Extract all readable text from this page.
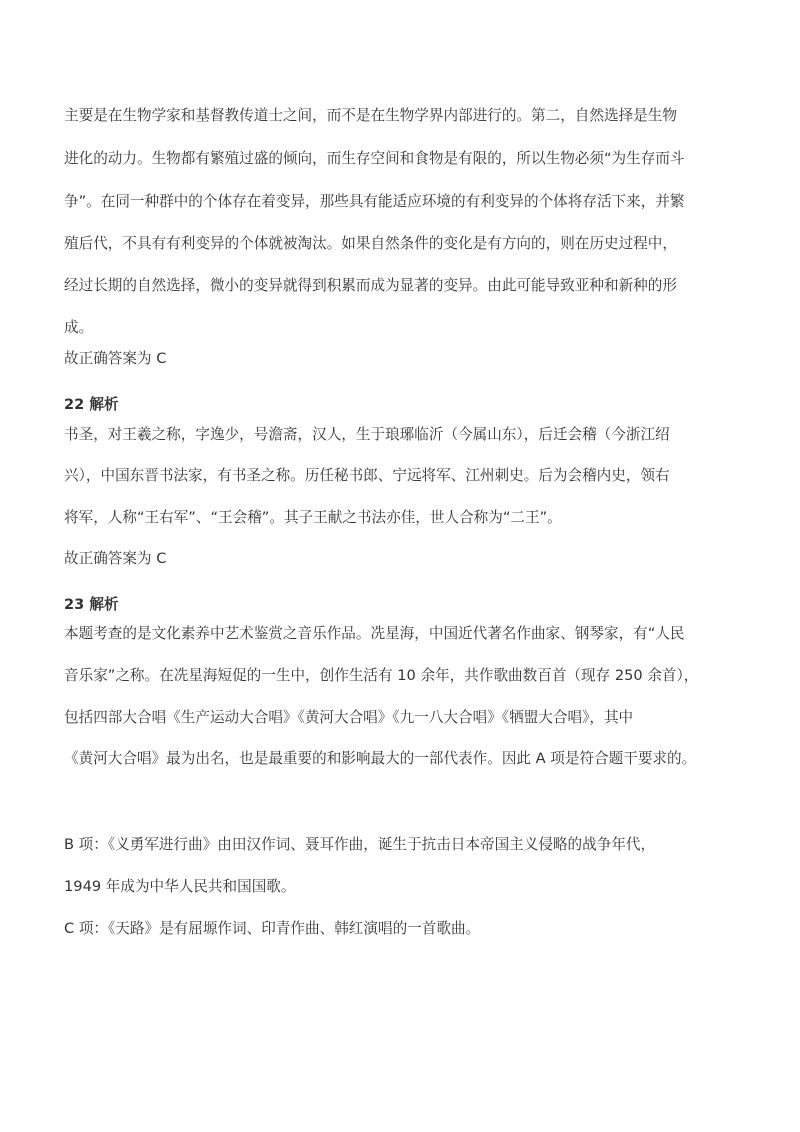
主要是在生物学家和基督教传道士之间，而不是在生物学界内部进行的。第二，自然选择是生物
进化的动力。生物都有繁殖过盛的倾向，而生存空间和食物是有限的，所以生物必须“为生存而斗
争”。在同一种群中的个体存在着变异，那些具有能适应环境的有利变异的个体将存活下来，并繁
殖后代，不具有有利变异的个体就被淘汰。如果自然条件的变化是有方向的，则在历史过程中，
经过长期的自然选择，微小的变异就得到积累而成为显著的变异。由此可能导致亚种和新种的形
成。
故正确答案为 C
22 解析
书圣，对王羲之称，字逸少，号澹斋，汉人，生于琅琊临沂（今属山东），后迁会稽（今浙江绍
兴），中国东晋书法家，有书圣之称。历任秘书郎、宁远将军、江州刺史。后为会稽内史，领右
将军，人称“王右军”、“王会稽”。其子王献之书法亦佳，世人合称为“二王”。
故正确答案为 C
23 解析
本题考查的是文化素养中艺术鉴赏之音乐作品。冼星海，中国近代著名作曲家、钢琴家，有“人民
音乐家”之称。在冼星海短促的一生中，创作生活有 10 余年，共作歌曲数百首（现存 250 余首），
包括四部大合唱《生产运动大合唱》《黄河大合唱》《九一八大合唱》《牺盟大合唱》，其中
《黄河大合唱》最为出名，也是最重要的和影响最大的一部代表作。因此 A 项是符合题干要求的。
B 项：《义勇军进行曲》由田汉作词、聂耳作曲，诞生于抗击日本帝国主义侵略的战争年代，
1949 年成为中华人民共和国国歌。
C 项：《天路》是有屈塬作词、印青作曲、韩红演唱的一首歌曲。
